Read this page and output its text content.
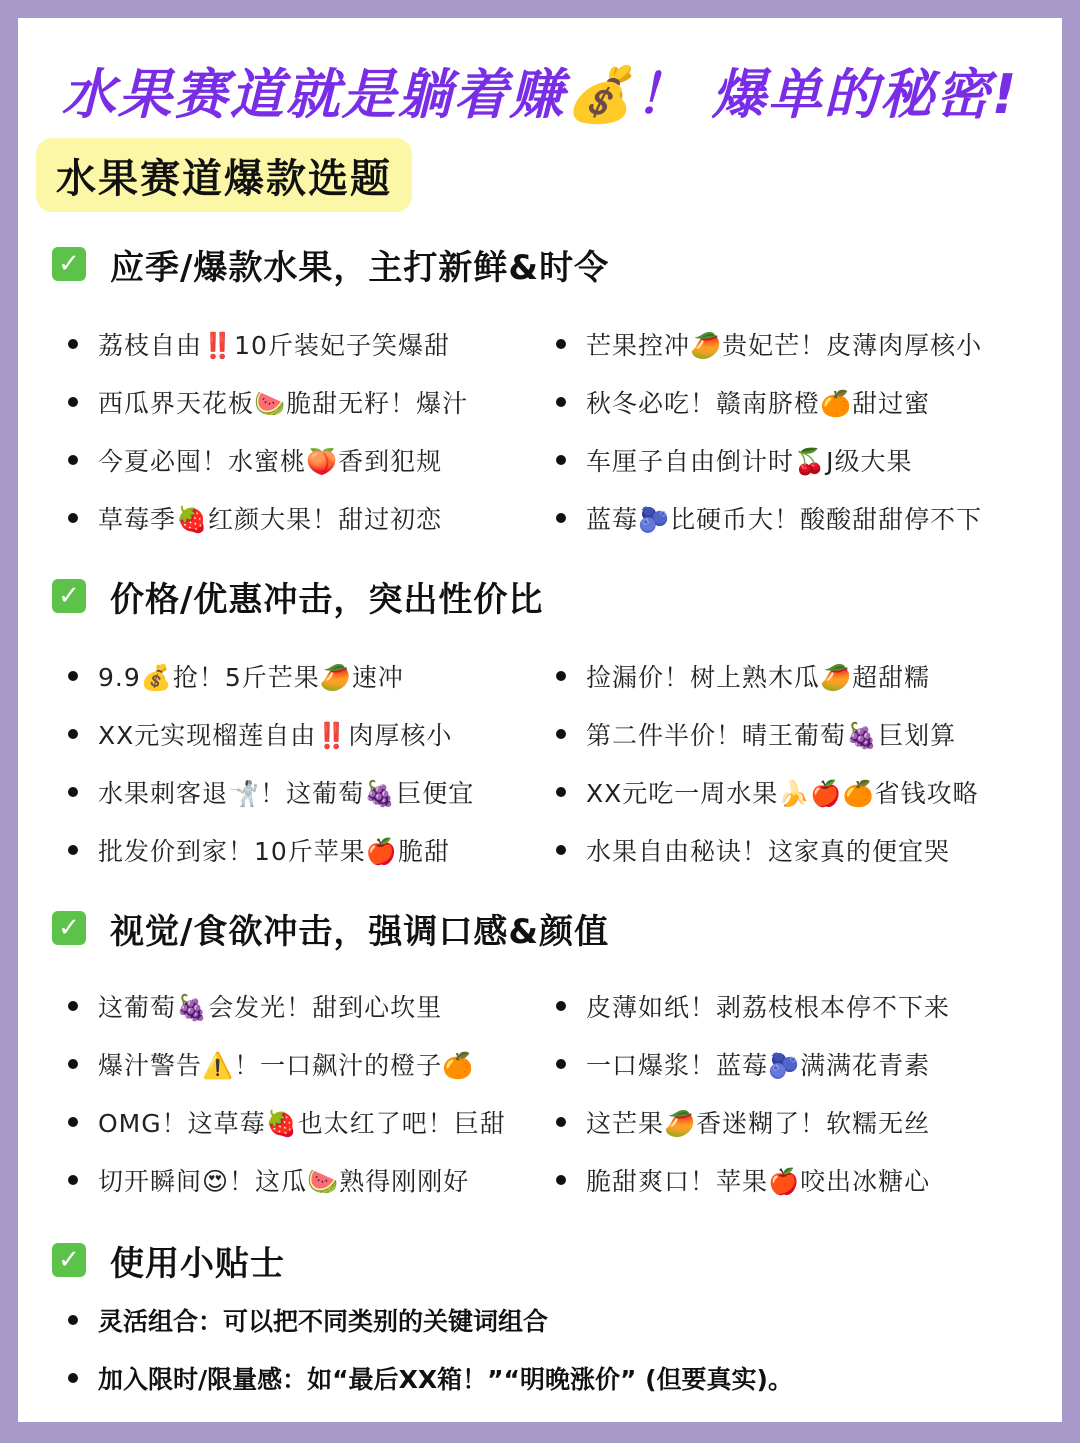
水果赛道就是躺着赚💰！ 爆单的秘密!
水果赛道爆款选题
✓ 应季/爆款水果，主打新鲜&时令
荔枝自由‼️10斤装妃子笑爆甜
西瓜界天花板🍉脆甜无籽！爆汁
今夏必囤！水蜜桃🍑香到犯规
草莓季🍓红颜大果！甜过初恋
芒果控冲🥭贵妃芒！皮薄肉厚核小
秋冬必吃！赣南脐橙🍊甜过蜜
车厘子自由倒计时🍒J级大果
蓝莓🫐比硬币大！酸酸甜甜停不下
✓ 价格/优惠冲击，突出性价比
9.9💰抢！5斤芒果🥭速冲
XX元实现榴莲自由‼️肉厚核小
水果刺客退🤺！这葡萄🍇巨便宜
批发价到家！10斤苹果🍎脆甜
捡漏价！树上熟木瓜🥭超甜糯
第二件半价！晴王葡萄🍇巨划算
XX元吃一周水果🍌🍎🍊省钱攻略
水果自由秘诀！这家真的便宜哭
✓ 视觉/食欲冲击，强调口感&颜值
这葡萄🍇会发光！甜到心坎里
爆汁警告⚠️！一口飙汁的橙子🍊
OMG！这草莓🍓也太红了吧！巨甜
切开瞬间😍！这瓜🍉熟得刚刚好
皮薄如纸！剥荔枝根本停不下来
一口爆浆！蓝莓🫐满满花青素
这芒果🥭香迷糊了！软糯无丝
脆甜爽口！苹果🍎咬出冰糖心
✓ 使用小贴士
灵活组合：可以把不同类别的关键词组合
加入限时/限量感：如“最后XX箱！”“明晚涨价” (但要真实)。
